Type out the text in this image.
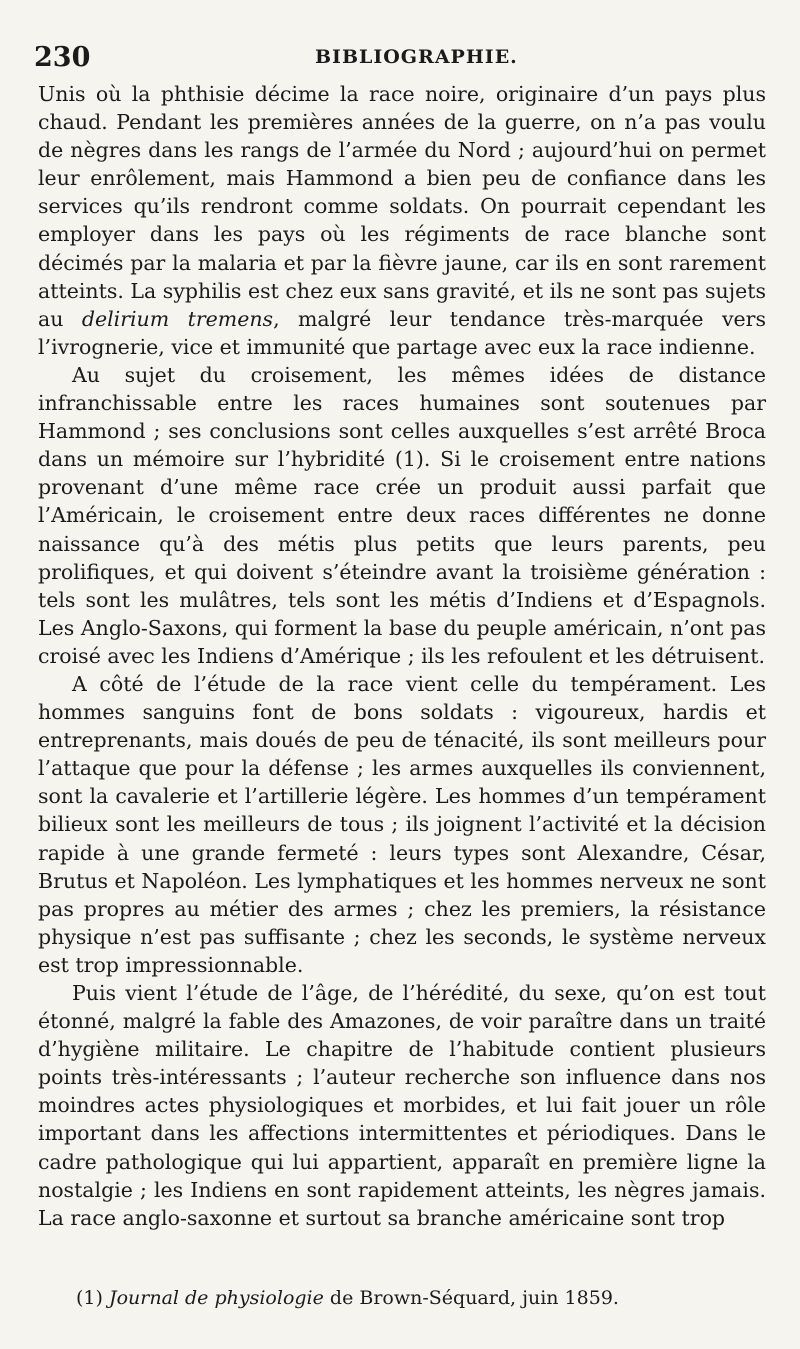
230	BIBLIOGRAPHIE.

Unis où la phthisie décime la race noire, originaire d’un pays plus chaud. Pendant les premières années de la guerre, on n’a pas voulu de nègres dans les rangs de l’armée du Nord ; aujourd’hui on permet leur enrôlement, mais Hammond a bien peu de confiance dans les services qu’ils rendront comme soldats. On pourrait cependant les employer dans les pays où les régiments de race blanche sont décimés par la malaria et par la fièvre jaune, car ils en sont rarement atteints. La syphilis est chez eux sans gravité, et ils ne sont pas sujets au delirium tremens, malgré leur tendance très-marquée vers l’ivrognerie, vice et immunité que partage avec eux la race indienne.

Au sujet du croisement, les mêmes idées de distance infranchissable entre les races humaines sont soutenues par Hammond ; ses conclusions sont celles auxquelles s’est arrêté Broca dans un mémoire sur l’hybridité (1). Si le croisement entre nations provenant d’une même race crée un produit aussi parfait que l’Américain, le croisement entre deux races différentes ne donne naissance qu’à des métis plus petits que leurs parents, peu prolifiques, et qui doivent s’éteindre avant la troisième génération : tels sont les mulâtres, tels sont les métis d’Indiens et d’Espagnols. Les Anglo-Saxons, qui forment la base du peuple américain, n’ont pas croisé avec les Indiens d’Amérique ; ils les refoulent et les détruisent.

A côté de l’étude de la race vient celle du tempérament. Les hommes sanguins font de bons soldats : vigoureux, hardis et entreprenants, mais doués de peu de ténacité, ils sont meilleurs pour l’attaque que pour la défense ; les armes auxquelles ils conviennent, sont la cavalerie et l’artillerie légère. Les hommes d’un tempérament bilieux sont les meilleurs de tous ; ils joignent l’activité et la décision rapide à une grande fermeté : leurs types sont Alexandre, César, Brutus et Napoléon. Les lymphatiques et les hommes nerveux ne sont pas propres au métier des armes ; chez les premiers, la résistance physique n’est pas suffisante ; chez les seconds, le système nerveux est trop impressionnable.

Puis vient l’étude de l’âge, de l’hérédité, du sexe, qu’on est tout étonné, malgré la fable des Amazones, de voir paraître dans un traité d’hygiène militaire. Le chapitre de l’habitude contient plusieurs points très-intéressants ; l’auteur recherche son influence dans nos moindres actes physiologiques et morbides, et lui fait jouer un rôle important dans les affections intermittentes et périodiques. Dans le cadre pathologique qui lui appartient, apparaît en première ligne la nostalgie ; les Indiens en sont rapidement atteints, les nègres jamais. La race anglo-saxonne et surtout sa branche américaine sont trop

(1) Journal de physiologie de Brown-Séquard, juin 1859.
